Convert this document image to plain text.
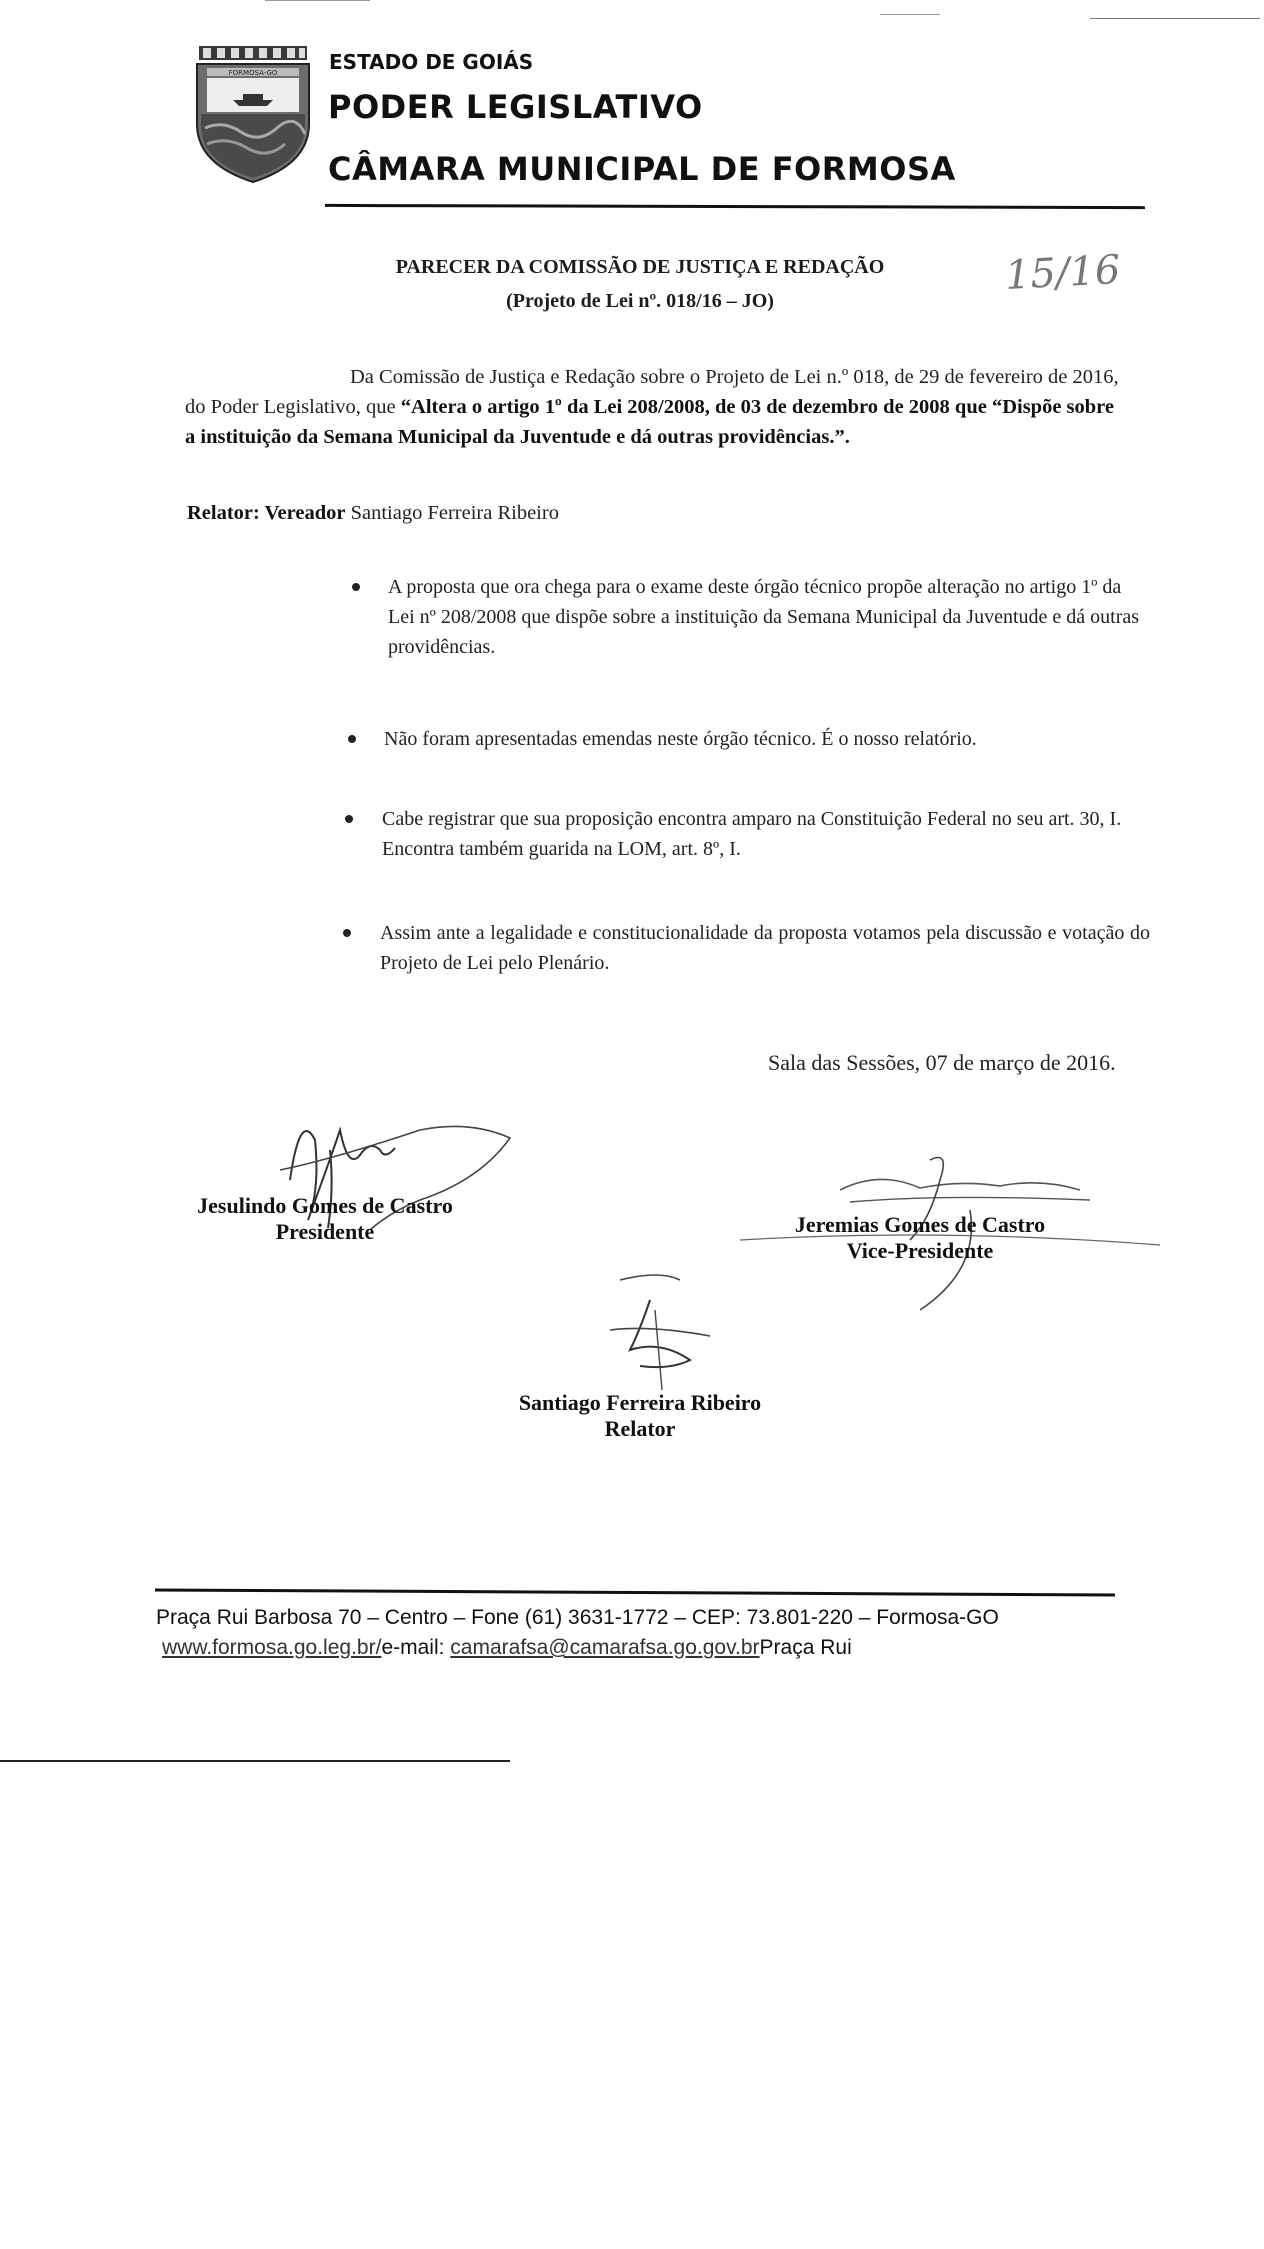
FORMOSA-GO	ESTADO DE GOIÁS
PODER LEGISLATIVO
CÂMARA MUNICIPAL DE FORMOSA
PARECER DA COMISSÃO DE JUSTIÇA E REDAÇÃO
(Projeto de Lei nº. 018/16 – JO)
15/16
Da Comissão de Justiça e Redação sobre o Projeto de Lei n.º 018, de 29 de fevereiro de 2016,
do Poder Legislativo, que “Altera o artigo 1º da Lei 208/2008, de 03 de dezembro de 2008 que “Dispõe sobre
a instituição da Semana Municipal da Juventude e dá outras providências.”.
Relator: Vereador Santiago Ferreira Ribeiro
A proposta que ora chega para o exame deste órgão técnico propõe alteração no artigo 1º da Lei nº 208/2008 que dispõe sobre a instituição da Semana Municipal da Juventude e dá outras providências.
Não foram apresentadas emendas neste órgão técnico. É o nosso relatório.
Cabe registrar que sua proposição encontra amparo na Constituição Federal no seu art. 30, I. Encontra também guarida na LOM, art. 8º, I.
Assim ante a legalidade e constitucionalidade da proposta votamos pela discussão e votação do Projeto de Lei pelo Plenário.
Sala das Sessões, 07 de março de 2016.
Jesulindo Gomes de Castro
Presidente	Jeremias Gomes de Castro
Vice-Presidente
Santiago Ferreira Ribeiro
Relator
Praça Rui Barbosa 70 – Centro – Fone (61) 3631-1772 – CEP: 73.801-220 – Formosa-GO
www.formosa.go.leg.br/e-mail: camarafsa@camarafsa.go.gov.brPraça Rui
